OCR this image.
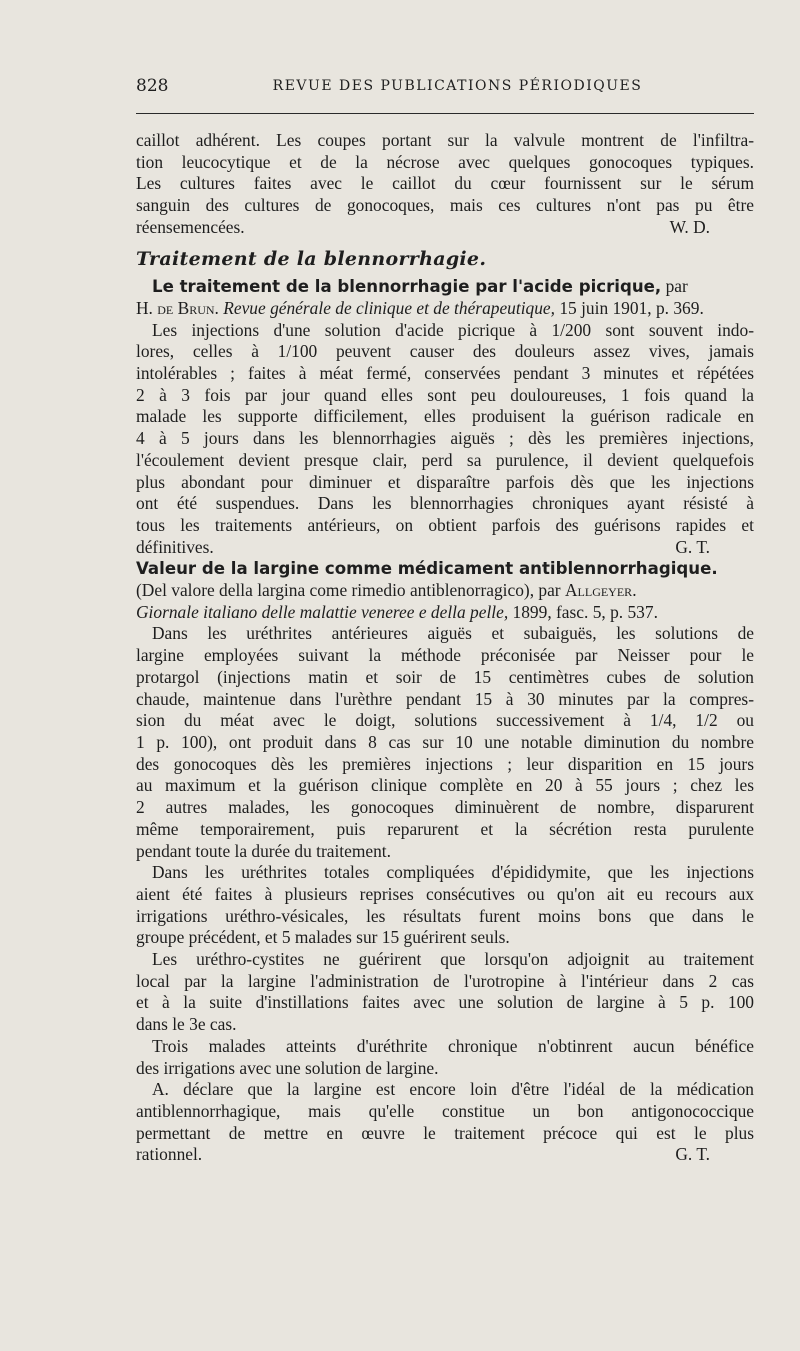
828	REVUE DES PUBLICATIONS PÉRIODIQUES

caillot adhérent. Les coupes portant sur la valvule montrent de l'infiltra-
tion leucocytique et de la nécrose avec quelques gonocoques typiques.
Les cultures faites avec le caillot du cœur fournissent sur le sérum
sanguin des cultures de gonocoques, mais ces cultures n'ont pas pu être
réensemencées.	W. D.

Traitement de la blennorrhagie.

Le traitement de la blennorrhagie par l'acide picrique, par

H. de Brun. Revue générale de clinique et de thérapeutique, 15 juin 1901, p. 369.

Les injections d'une solution d'acide picrique à 1/200 sont souvent indo-
lores, celles à 1/100 peuvent causer des douleurs assez vives, jamais
intolérables ; faites à méat fermé, conservées pendant 3 minutes et répétées
2 à 3 fois par jour quand elles sont peu douloureuses, 1 fois quand la
malade les supporte difficilement, elles produisent la guérison radicale en
4 à 5 jours dans les blennorrhagies aiguës ; dès les premières injections,
l'écoulement devient presque clair, perd sa purulence, il devient quelquefois
plus abondant pour diminuer et disparaître parfois dès que les injections
ont été suspendues. Dans les blennorrhagies chroniques ayant résisté à
tous les traitements antérieurs, on obtient parfois des guérisons rapides et
définitives.	G. T.

Valeur de la largine comme médicament antiblennorrhagique.

(Del valore della largina come rimedio antiblenorragico), par Allgeyer.

Giornale italiano delle malattie veneree e della pelle, 1899, fasc. 5, p. 537.

Dans les uréthrites antérieures aiguës et subaiguës, les solutions de
largine employées suivant la méthode préconisée par Neisser pour le
protargol (injections matin et soir de 15 centimètres cubes de solution
chaude, maintenue dans l'urèthre pendant 15 à 30 minutes par la compres-
sion du méat avec le doigt, solutions successivement à 1/4, 1/2 ou
1 p. 100), ont produit dans 8 cas sur 10 une notable diminution du nombre
des gonocoques dès les premières injections ; leur disparition en 15 jours
au maximum et la guérison clinique complète en 20 à 55 jours ; chez les
2 autres malades, les gonocoques diminuèrent de nombre, disparurent
même temporairement, puis reparurent et la sécrétion resta purulente
pendant toute la durée du traitement.

Dans les uréthrites totales compliquées d'épididymite, que les injections
aient été faites à plusieurs reprises consécutives ou qu'on ait eu recours aux
irrigations uréthro-vésicales, les résultats furent moins bons que dans le
groupe précédent, et 5 malades sur 15 guérirent seuls.

Les uréthro-cystites ne guérirent que lorsqu'on adjoignit au traitement
local par la largine l'administration de l'urotropine à l'intérieur dans 2 cas
et à la suite d'instillations faites avec une solution de largine à 5 p. 100
dans le 3e cas.

Trois malades atteints d'uréthrite chronique n'obtinrent aucun bénéfice
des irrigations avec une solution de largine.

A. déclare que la largine est encore loin d'être l'idéal de la médication
antiblennorrhagique, mais qu'elle constitue un bon antigonococcique
permettant de mettre en œuvre le traitement précoce qui est le plus
rationnel.	G. T.
